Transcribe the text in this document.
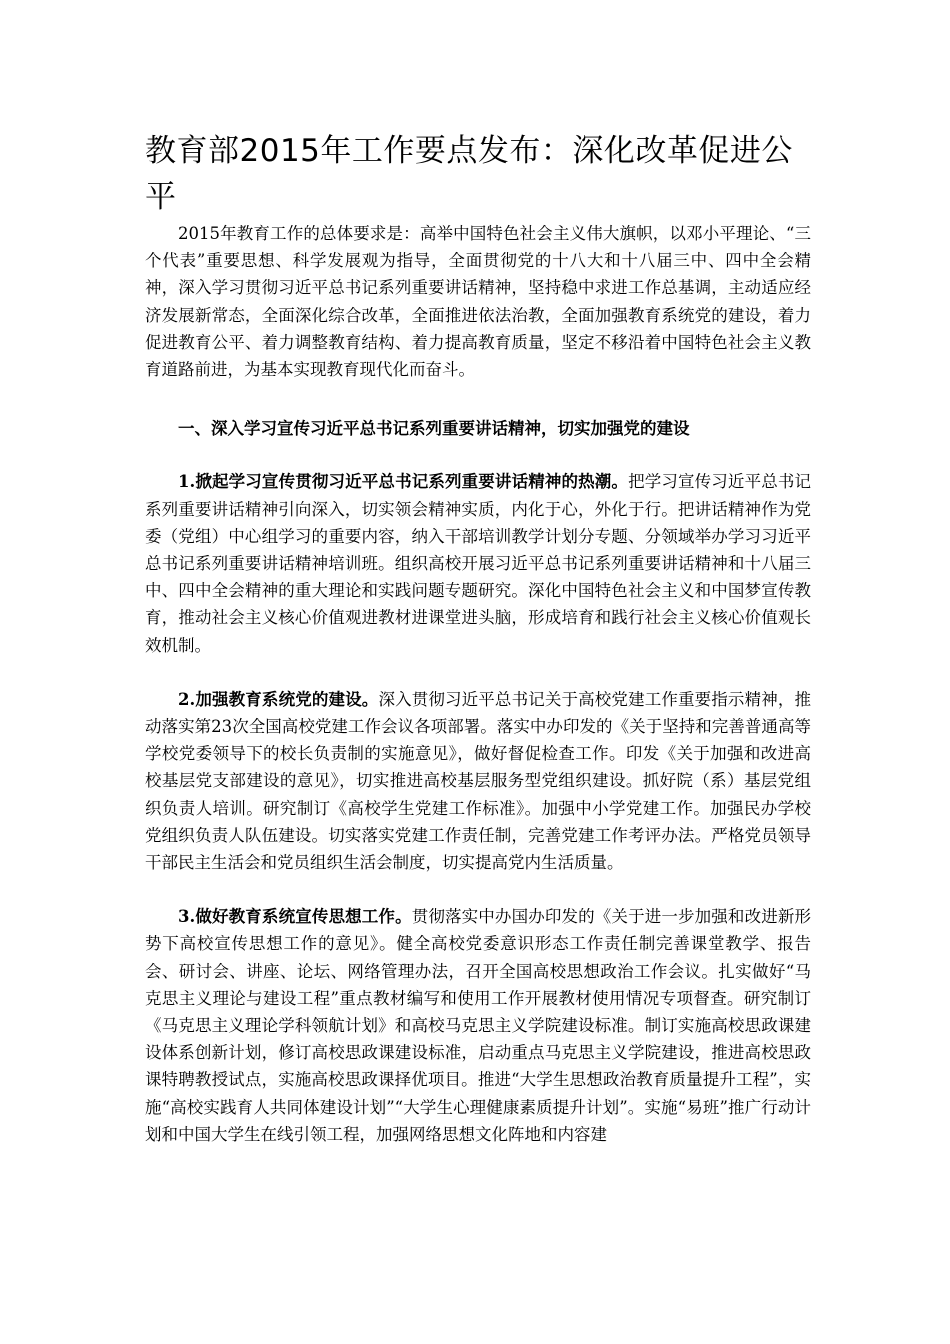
教育部2015年工作要点发布：深化改革促进公平

2015年教育工作的总体要求是：高举中国特色社会主义伟大旗帜，以邓小平理论、“三个代表”重要思想、科学发展观为指导，全面贯彻党的十八大和十八届三中、四中全会精神，深入学习贯彻习近平总书记系列重要讲话精神，坚持稳中求进工作总基调，主动适应经济发展新常态，全面深化综合改革，全面推进依法治教，全面加强教育系统党的建设，着力促进教育公平、着力调整教育结构、着力提高教育质量，坚定不移沿着中国特色社会主义教育道路前进，为基本实现教育现代化而奋斗。

一、深入学习宣传习近平总书记系列重要讲话精神，切实加强党的建设

1.掀起学习宣传贯彻习近平总书记系列重要讲话精神的热潮。把学习宣传习近平总书记系列重要讲话精神引向深入，切实领会精神实质，内化于心，外化于行。把讲话精神作为党委（党组）中心组学习的重要内容，纳入干部培训教学计划分专题、分领域举办学习习近平总书记系列重要讲话精神培训班。组织高校开展习近平总书记系列重要讲话精神和十八届三中、四中全会精神的重大理论和实践问题专题研究。深化中国特色社会主义和中国梦宣传教育，推动社会主义核心价值观进教材进课堂进头脑，形成培育和践行社会主义核心价值观长效机制。

2.加强教育系统党的建设。深入贯彻习近平总书记关于高校党建工作重要指示精神，推动落实第23次全国高校党建工作会议各项部署。落实中办印发的《关于坚持和完善普通高等学校党委领导下的校长负责制的实施意见》，做好督促检查工作。印发《关于加强和改进高校基层党支部建设的意见》，切实推进高校基层服务型党组织建设。抓好院（系）基层党组织负责人培训。研究制订《高校学生党建工作标准》。加强中小学党建工作。加强民办学校党组织负责人队伍建设。切实落实党建工作责任制，完善党建工作考评办法。严格党员领导干部民主生活会和党员组织生活会制度，切实提高党内生活质量。

3.做好教育系统宣传思想工作。贯彻落实中办国办印发的《关于进一步加强和改进新形势下高校宣传思想工作的意见》。健全高校党委意识形态工作责任制完善课堂教学、报告会、研讨会、讲座、论坛、网络管理办法，召开全国高校思想政治工作会议。扎实做好“马克思主义理论与建设工程”重点教材编写和使用工作开展教材使用情况专项督查。研究制订《马克思主义理论学科领航计划》和高校马克思主义学院建设标准。制订实施高校思政课建设体系创新计划，修订高校思政课建设标准，启动重点马克思主义学院建设，推进高校思政课特聘教授试点，实施高校思政课择优项目。推进“大学生思想政治教育质量提升工程”，实施“高校实践育人共同体建设计划”“大学生心理健康素质提升计划”。实施“易班”推广行动计划和中国大学生在线引领工程，加强网络思想文化阵地和内容建
